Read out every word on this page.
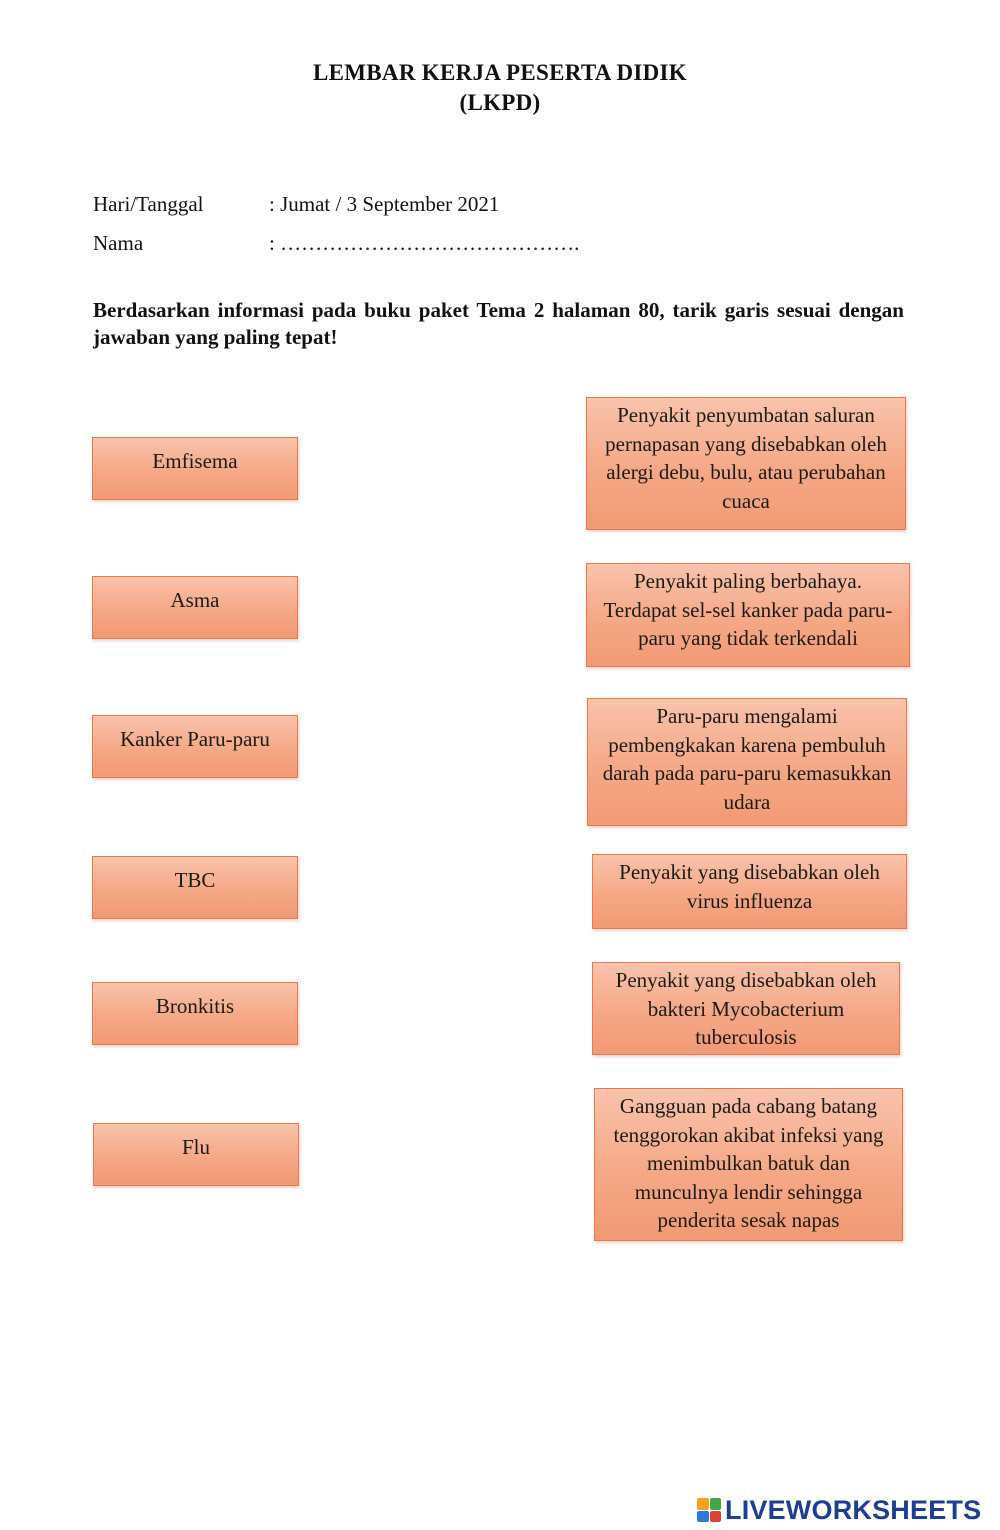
LEMBAR KERJA PESERTA DIDIK
(LKPD)
Hari/Tanggal	: Jumat / 3 September 2021
Nama	: …………………………………….
Berdasarkan informasi pada buku paket Tema 2 halaman 80, tarik garis sesuai dengan jawaban yang paling tepat!
Emfisema
Asma
Kanker Paru-paru
TBC
Bronkitis
Flu
Penyakit penyumbatan saluran pernapasan yang disebabkan oleh alergi debu, bulu, atau perubahan cuaca
Penyakit paling berbahaya. Terdapat sel-sel kanker pada paru-paru yang tidak terkendali
Paru-paru mengalami pembengkakan karena pembuluh darah pada paru-paru kemasukkan udara
Penyakit yang disebabkan oleh virus influenza
Penyakit yang disebabkan oleh bakteri Mycobacterium tuberculosis
Gangguan pada cabang batang tenggorokan akibat infeksi yang menimbulkan batuk dan munculnya lendir sehingga penderita sesak napas
LIVEWORKSHEETS
